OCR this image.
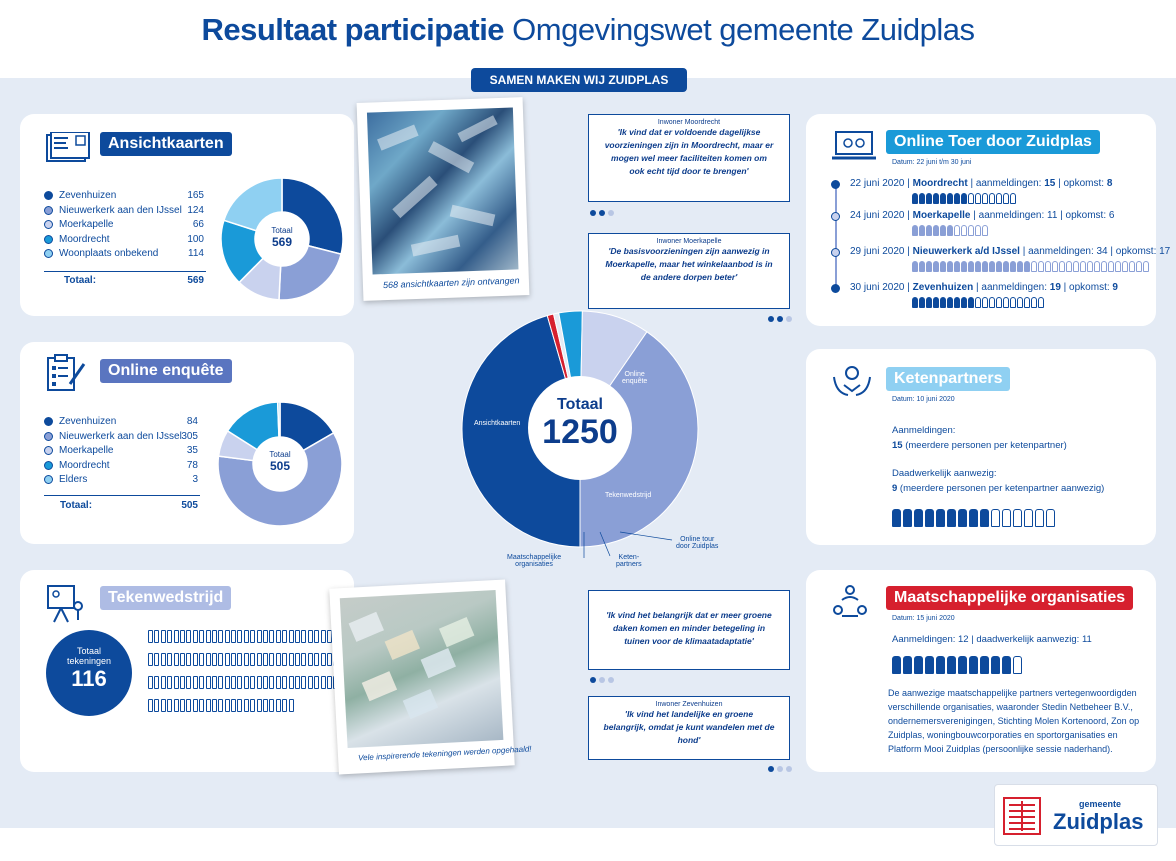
Resultaat participatie Omgevingswet gemeente Zuidplas
SAMEN MAKEN WIJ ZUIDPLAS
Ansichtkaarten
Totaal:	569
Totaal
569
Zevenhuizen	165
Nieuwerkerk aan den IJssel 124
Moerkapelle	66
Moordrecht	100
Woonplaats onbekend	114
Online enquête
Totaal:	505
Totaal
505
Zevenhuizen	84
Nieuwerkerk aan den IJssel 305
Moerkapelle	35
Moordrecht	78
Elders	3
Tekenwedstrijd
Totaal
tekeningen
116
568 ansichtkaarten zijn ontvangen
Vele inspirerende tekeningen werden opgehaald!
Totaal
1250
Ansichtkaarten
Online
enquête
Tekenwedstrijd
Online tour
door Zuidplas
Keten-
partners
Maatschappelijke
organisaties
Inwoner Moordrecht
'Ik vind dat er voldoende dagelijkse voorzieningen zijn in Moordrecht, maar er mogen wel meer faciliteiten komen om ook echt tijd door te brengen'
Inwoner Moerkapelle
'De basisvoorzieningen zijn aanwezig in Moerkapelle, maar het winkelaanbod is in de andere dorpen beter'
'Ik vind het belangrijk dat er meer groene daken komen en minder betegeling in tuinen voor de klimaatadaptatie'
Inwoner Zevenhuizen
'Ik vind het landelijke en groene belangrijk, omdat je kunt wandelen met de hond'
Online Toer door Zuidplas
Datum: 22 juni t/m 30 juni
22 juni 2020 | Moordrecht | aanmeldingen: 15 | opkomst: 8
24 juni 2020 | Moerkapelle | aanmeldingen: 11 | opkomst: 6
29 juni 2020 | Nieuwerkerk a/d IJssel | aanmeldingen: 34 | opkomst: 17
30 juni 2020 | Zevenhuizen | aanmeldingen: 19 | opkomst: 9
Ketenpartners
Datum: 10 juni 2020
Aanmeldingen:
15 (meerdere personen per ketenpartner)
Daadwerkelijk aanwezig:
9 (meerdere personen per ketenpartner aanwezig)
Maatschappelijke organisaties
Datum: 15 juni 2020
Aanmeldingen: 12 | daadwerkelijk aanwezig: 11
De aanwezige maatschappelijke partners vertegenwoordigden verschillende organisaties, waaronder Stedin Netbeheer B.V., ondernemersverenigingen, Stichting Molen Kortenoord, Zon op Zuidplas, woningbouwcorporaties en sportorganisaties en Platform Mooi Zuidplas (persoonlijke sessie naderhand).
gemeente
Zuidplas
